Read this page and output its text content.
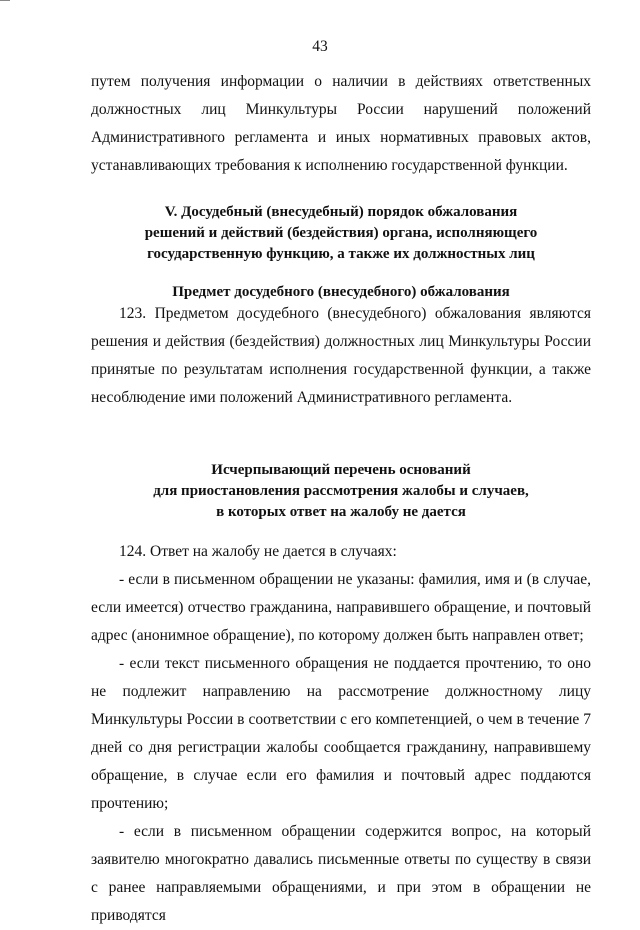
43

путем получения информации о наличии в действиях ответственных должностных лиц Минкультуры России нарушений положений Административного регламента и иных нормативных правовых актов, устанавливающих требования к исполнению государственной функции.

V. Досудебный (внесудебный) порядок обжалования
решений и действий (бездействия) органа, исполняющего
государственную функцию, а также их должностных лиц
Предмет досудебного (внесудебного) обжалования

123. Предметом досудебного (внесудебного) обжалования являются решения и действия (бездействия) должностных лиц Минкультуры России принятые по результатам исполнения государственной функции, а также несоблюдение ими положений Административного регламента.

Исчерпывающий перечень оснований
для приостановления рассмотрения жалобы и случаев,
в которых ответ на жалобу не дается

124. Ответ на жалобу не дается в случаях:

- если в письменном обращении не указаны: фамилия, имя и (в случае, если имеется) отчество гражданина, направившего обращение, и почтовый адрес (анонимное обращение), по которому должен быть направлен ответ;

- если текст письменного обращения не поддается прочтению, то оно не подлежит направлению на рассмотрение должностному лицу Минкультуры России в соответствии с его компетенцией, о чем в течение 7 дней со дня регистрации жалобы сообщается гражданину, направившему обращение, в случае если его фамилия и почтовый адрес поддаются прочтению;

- если в письменном обращении содержится вопрос, на который заявителю многократно давались письменные ответы по существу в связи с ранее направляемыми обращениями, и при этом в обращении не приводятся
